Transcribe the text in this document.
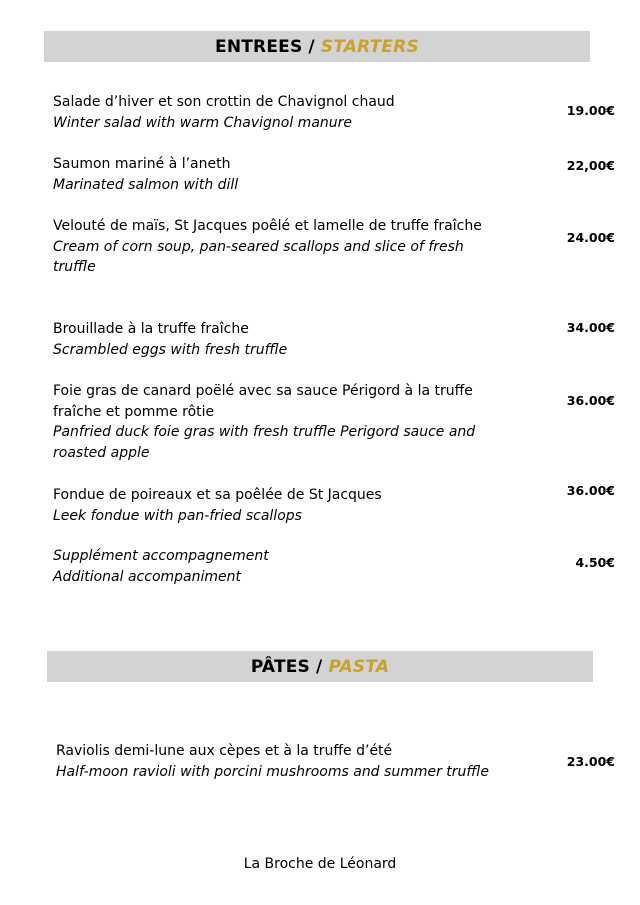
ENTREES / STARTERS
Salade d’hiver et son crottin de Chavignol chaud
Winter salad with warm Chavignol manure
19.00€
Saumon mariné à l’aneth
Marinated salmon with dill
22,00€
Velouté de maïs, St Jacques poêlé et lamelle de truffe fraîche
Cream of corn soup, pan-seared scallops and slice of fresh truffle
24.00€
Brouillade à la truffe fraîche
Scrambled eggs with fresh truffle
34.00€
Foie gras de canard poëlé avec sa sauce Périgord à la truffe fraîche et pomme rôtie
Panfried duck foie gras with fresh truffle Perigord sauce and roasted apple
36.00€
Fondue de poireaux et sa poêlée de St Jacques
Leek fondue with pan-fried scallops
36.00€
Supplément accompagnement
Additional accompaniment
4.50€
PÂTES / PASTA
Raviolis demi-lune aux cèpes et à la truffe d’été
Half-moon ravioli with porcini mushrooms and summer truffle
23.00€
La Broche de Léonard
